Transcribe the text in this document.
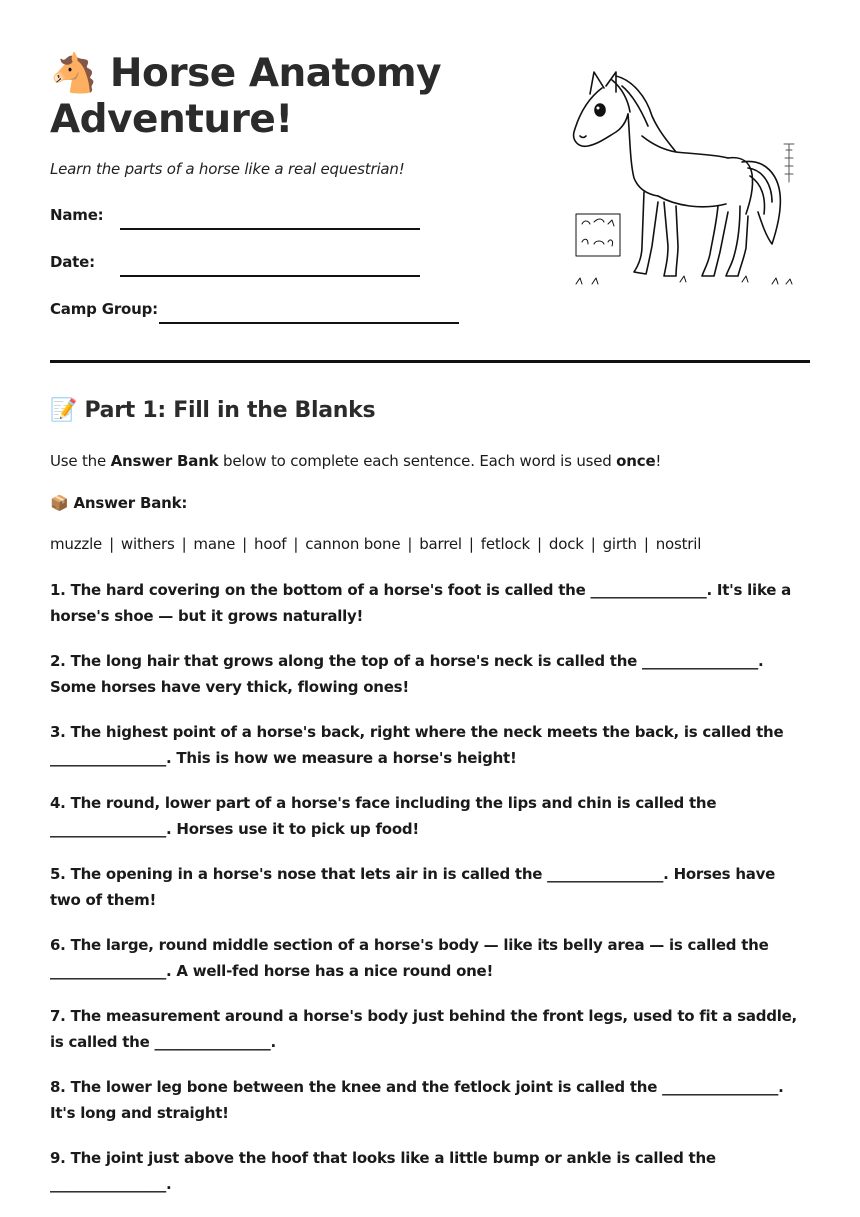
🐴 Horse Anatomy Adventure!
Learn the parts of a horse like a real equestrian!
Name:
Date:
Camp Group:
📝 Part 1: Fill in the Blanks
Use the Answer Bank below to complete each sentence. Each word is used once!
📦 Answer Bank:
muzzle | withers | mane | hoof | cannon bone | barrel | fetlock | dock | girth | nostril
1. The hard covering on the bottom of a horse's foot is called the ________________. It's like a horse's shoe — but it grows naturally!
2. The long hair that grows along the top of a horse's neck is called the ________________. Some horses have very thick, flowing ones!
3. The highest point of a horse's back, right where the neck meets the back, is called the ________________. This is how we measure a horse's height!
4. The round, lower part of a horse's face including the lips and chin is called the ________________. Horses use it to pick up food!
5. The opening in a horse's nose that lets air in is called the ________________. Horses have two of them!
6. The large, round middle section of a horse's body — like its belly area — is called the ________________. A well-fed horse has a nice round one!
7. The measurement around a horse's body just behind the front legs, used to fit a saddle, is called the ________________.
8. The lower leg bone between the knee and the fetlock joint is called the ________________. It's long and straight!
9. The joint just above the hoof that looks like a little bump or ankle is called the ________________.
